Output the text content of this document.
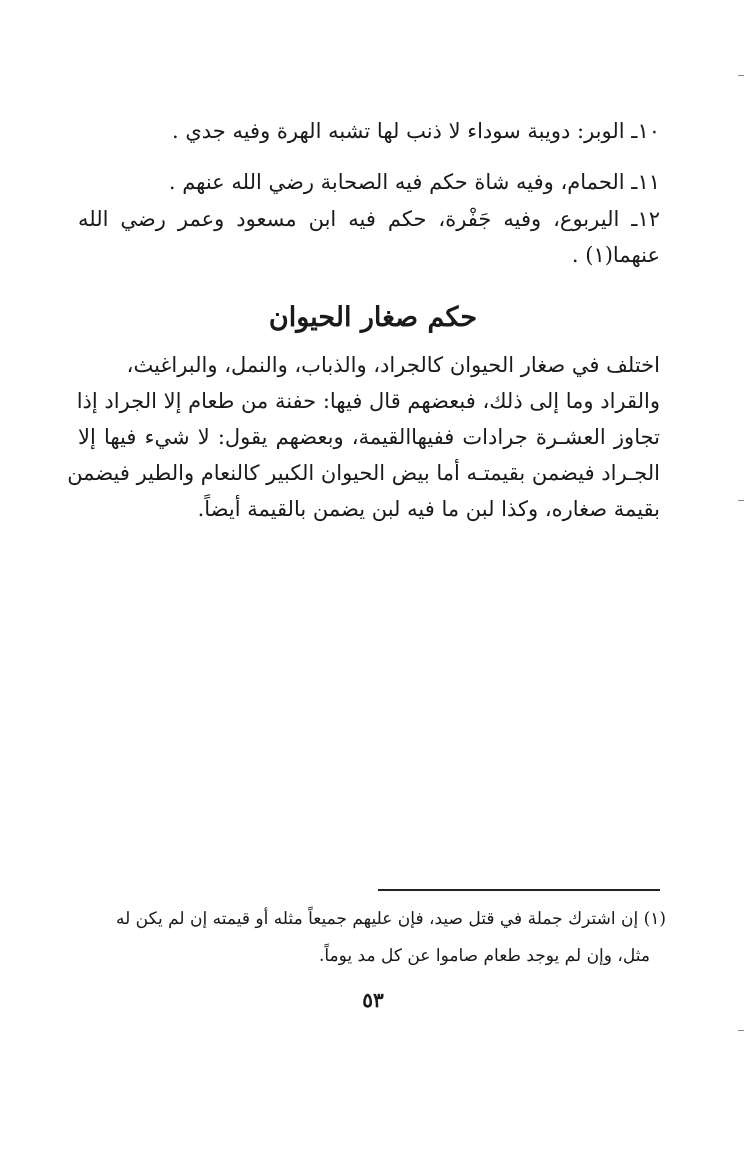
١٠ـ الوبر: دويبة سوداء لا ذنب لها تشبه الهرة وفيه جدي .
١١ـ الحمام، وفيه شاة حكم فيه الصحابة رضي الله عنهم .
١٢ـ اليربوع، وفيه جَفْرة، حكم فيه ابن مسعود وعمر رضي الله
عنهما(١) .
حكم صغار الحيوان
اختلف في صغار الحيوان كالجراد، والذباب، والنمل، والبراغيث،
والقراد وما إلى ذلك، فبعضهم قال فيها: حفنة من طعام إلا الجراد إذا
تجاوز العشـرة جرادات ففيهاالقيمة، وبعضهم يقول: لا شيء فيها إلا
الجـراد فيضمن بقيمتـه أما بيض الحيوان الكبير كالنعام والطير فيضمن
بقيمة صغاره، وكذا لبن ما فيه لبن يضمن بالقيمة أيضاً.
(١) إن اشترك جملة في قتل صيد، فإن عليهم جميعاً مثله أو قيمته إن لم يكن له
مثل، وإن لم يوجد طعام صاموا عن كل مد يوماً.
٥٣
